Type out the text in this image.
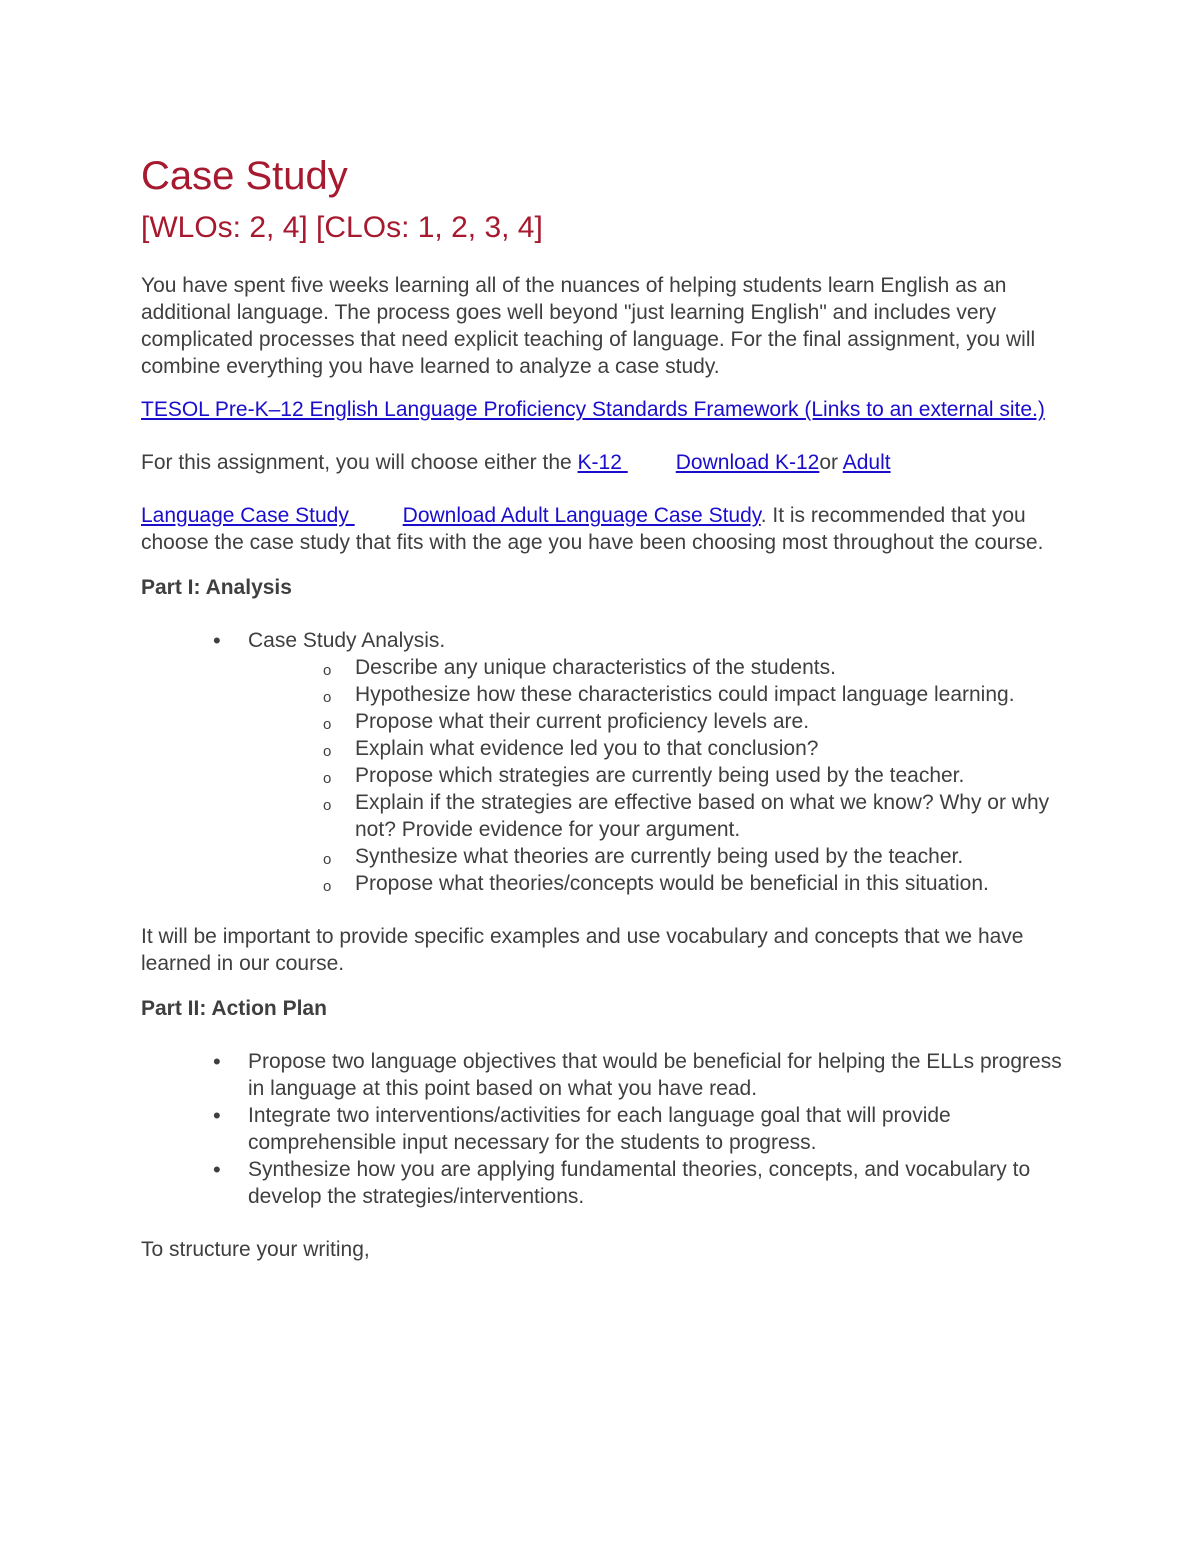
Case Study
[WLOs: 2, 4] [CLOs: 1, 2, 3, 4]

You have spent five weeks learning all of the nuances of helping students learn English as an additional language. The process goes well beyond "just learning English" and includes very complicated processes that need explicit teaching of language. For the final assignment, you will combine everything you have learned to analyze a case study.

TESOL Pre-K–12 English Language Proficiency Standards Framework (Links to an external site.)

For this assignment, you will choose either the K-12 Download K-12or Adult

Language Case Study Download Adult Language Case Study. It is recommended that you choose the case study that fits with the age you have been choosing most throughout the course.

Part I: Analysis
• Case Study Analysis.
o Describe any unique characteristics of the students.
o Hypothesize how these characteristics could impact language learning.
o Propose what their current proficiency levels are.
o Explain what evidence led you to that conclusion?
o Propose which strategies are currently being used by the teacher.
o Explain if the strategies are effective based on what we know? Why or why not? Provide evidence for your argument.
o Synthesize what theories are currently being used by the teacher.
o Propose what theories/concepts would be beneficial in this situation.

It will be important to provide specific examples and use vocabulary and concepts that we have learned in our course.

Part II: Action Plan
• Propose two language objectives that would be beneficial for helping the ELLs progress in language at this point based on what you have read.
• Integrate two interventions/activities for each language goal that will provide comprehensible input necessary for the students to progress.
• Synthesize how you are applying fundamental theories, concepts, and vocabulary to develop the strategies/interventions.

To structure your writing,
